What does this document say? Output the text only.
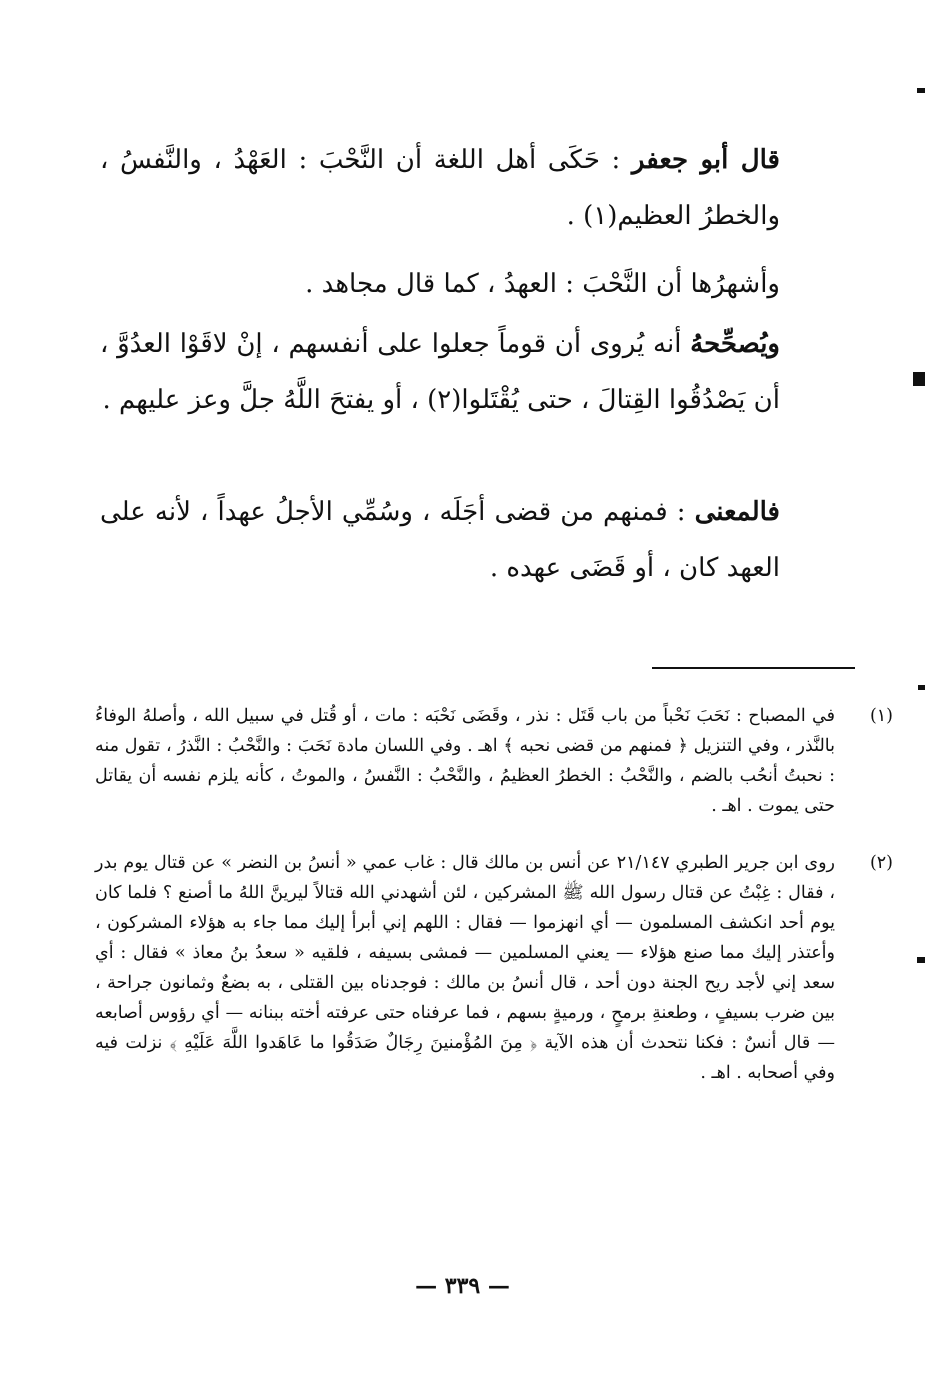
قال أبو جعفر : حَكَى أهل اللغة أن النَّحْبَ : العَهْدُ ، والنَّفسُ ، والخطرُ العظيم(١) .

وأشهرُها أن النَّحْبَ : العهدُ ، كما قال مجاهد .

ويُصحِّحهُ أنه يُروى أن قوماً جعلوا على أنفسهم ، إنْ لاقَوْا العدُوَّ ، أن يَصْدُقُوا القِتالَ ، حتى يُقْتَلوا(٢) ، أو يفتحَ اللَّهُ جلَّ وعز عليهم .

فالمعنى : فمنهم من قضى أجَلَه ، وسُمِّي الأجلُ عهداً ، لأنه على العهد كان ، أو قَضَى عهده .

(١)
في المصباح : نَحَبَ نَحْباً من باب قَتَل : نذر ، وقَضَى نَحْبَه : مات ، أو قُتل في سبيل الله ، وأصلهُ الوفاءُ بالنَّذر ، وفي التنزيل ﴿ فمنهم من قضى نحبه ﴾ اهـ . وفي اللسان مادة نَحَبَ : والنَّحْبُ : النَّذرُ ، تقول منه : نحبتُ أنحُب بالضم ، والنَّحْبُ : الخطرُ العظيمُ ، والنَّحْبُ : النَّفسُ ، والموتُ ، كأنه يلزم نفسه أن يقاتل حتى يموت . اهـ .
(٢)
روى ابن جرير الطبري ٢١/١٤٧ عن أنس بن مالك قال : غاب عمي « أنسُ بن النضر » عن قتال يوم بدر ، فقال : غِبْتُ عن قتال رسول الله ﷺ المشركين ، لئن أشهدني الله قتالاً ليرينَّ اللهُ ما أصنع ؟ فلما كان يوم أحد انكشف المسلمون — أي انهزموا — فقال : اللهم إني أبرأ إليك مما جاء به هؤلاء المشركون ، وأعتذر إليك مما صنع هؤلاء — يعني المسلمين — فمشى بسيفه ، فلقيه « سعدُ بنُ معاذ » فقال : أي سعد إني لأجد ريح الجنة دون أحد ، قال أنسُ بن مالك : فوجدناه بين القتلى ، به بضعٌ وثمانون جراحة ، بين ضرب بسيفٍ ، وطعنةِ برمحٍ ، ورميةٍ بسهم ، فما عرفناه حتى عرفته أخته ببنانه — أي رؤوس أصابعه — قال أنسٌ : فكنا نتحدث أن هذه الآية ﴿ مِنَ المُؤْمنينَ رِجَالٌ صَدَقُوا ما عَاهَدوا اللَّهَ عَلَيْهِ ﴾ نزلت فيه وفي أصحابه . اهـ .
— ٣٣٩ —
